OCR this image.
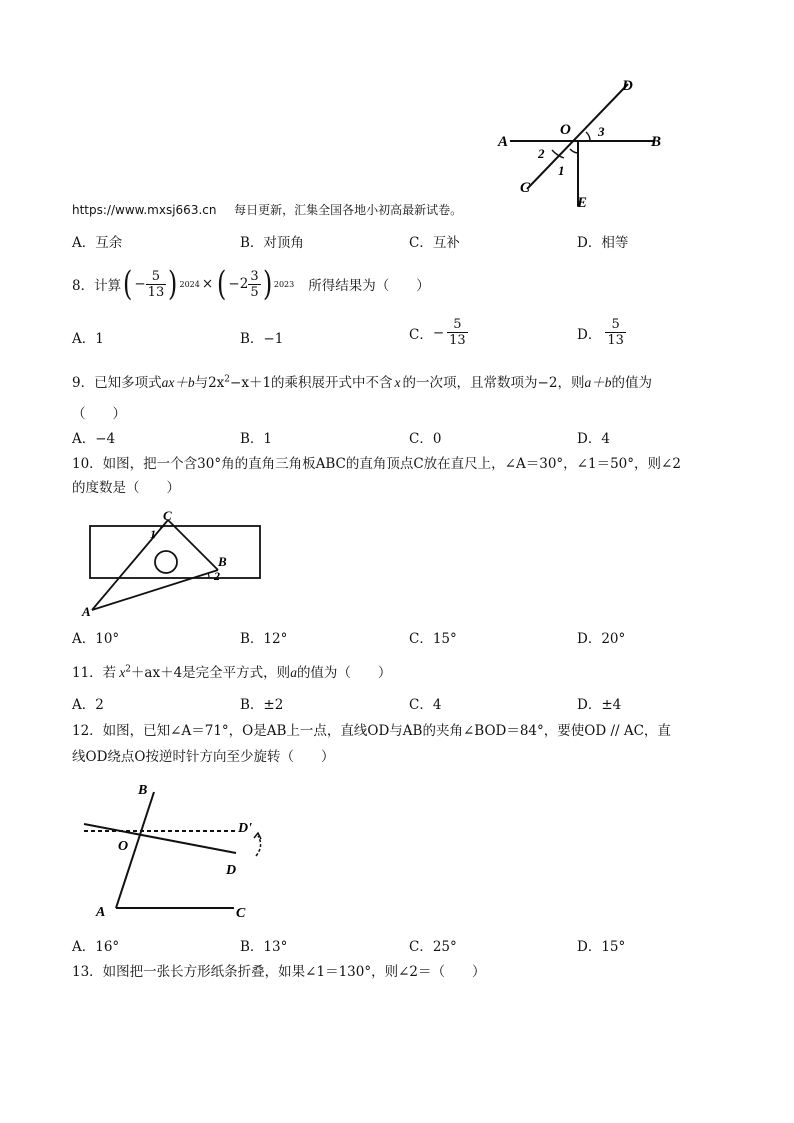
A	B
C
D
E
O
1
2
3
https://www.mxsj663.cn 每日更新，汇集全国各地小初高最新试卷。
A．互余	B．对顶角	C．互补	D．相等
8．计算 ( − $\frac{5}{13}$ ) 2024 × ( − $2 \frac{3}{5}$ ) 2023 所得结果为（　　）
A．1	B．−1	C． − $\frac{5}{13}$	D． $\frac{5}{13}$
9．已知多项式ax＋b与$2x^2-x+1$的乘积展开式中不含 x 的一次项，且常数项为−2，则a＋b的值为
（　　）
A．−4	B．1	C．0	D．4
10．如图，把一个含30°角的直角三角板ABC的直角顶点C放在直尺上，∠A＝30°，∠1＝50°，则∠2
的度数是（　　）
C
1
B
2
A
A．10°	B．12°	C．15°	D．20°
11．若 $x^2+ax+4$是完全平方式，则a的值为（　　）
A．2	B．±2	C．4	D．±4
12．如图，已知∠A＝71°，O是AB上一点，直线OD与AB的夹角∠BOD＝84°，要使OD // AC，直
线OD绕点O按逆时针方向至少旋转（　　）
B
O
D'
D
A	C
A．16°	B．13°	C．25°	D．15°
13．如图把一张长方形纸条折叠，如果∠1＝130°，则∠2＝（　　）
